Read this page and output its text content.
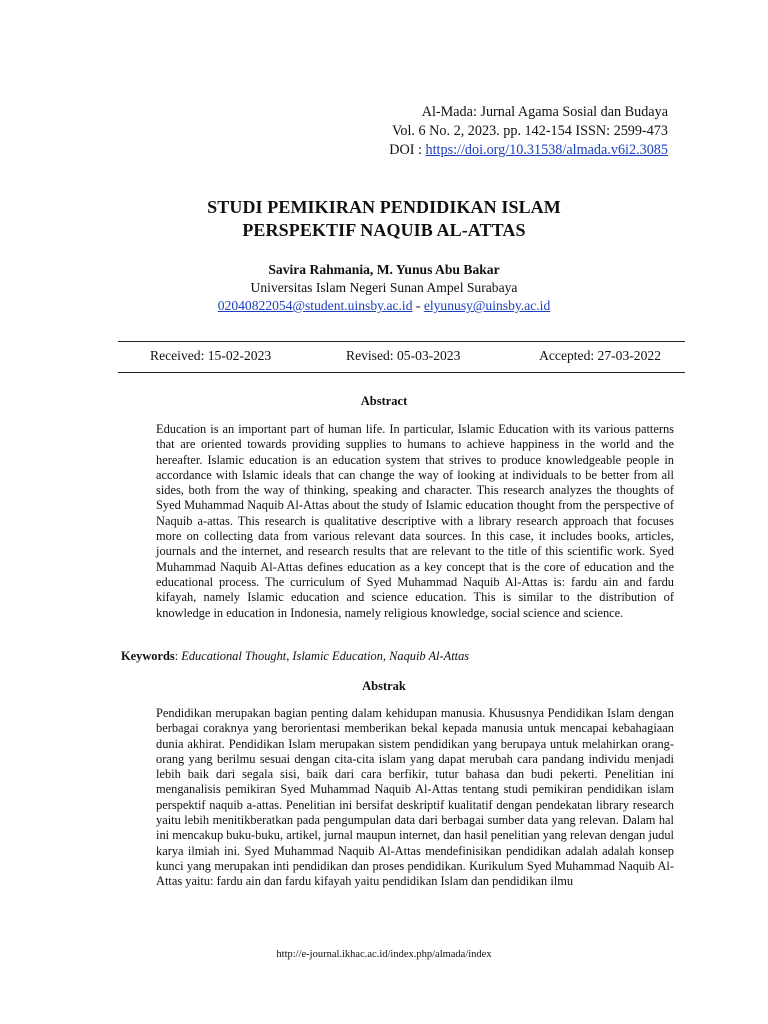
Al-Mada: Jurnal Agama Sosial dan Budaya
Vol. 6 No. 2, 2023. pp. 142-154 ISSN: 2599-473
DOI : https://doi.org/10.31538/almada.v6i2.3085
STUDI PEMIKIRAN PENDIDIKAN ISLAM
PERSPEKTIF NAQUIB AL-ATTAS
Savira Rahmania, M. Yunus Abu Bakar
Universitas Islam Negeri Sunan Ampel Surabaya
02040822054@student.uinsby.ac.id - elyunusy@uinsby.ac.id
Received: 15-02-2023	Revised: 05-03-2023	Accepted: 27-03-2022
Abstract

Education is an important part of human life. In particular, Islamic Education with its various patterns that are oriented towards providing supplies to humans to achieve happiness in the world and the hereafter. Islamic education is an education system that strives to produce knowledgeable people in accordance with Islamic ideals that can change the way of looking at individuals to be better from all sides, both from the way of thinking, speaking and character. This research analyzes the thoughts of Syed Muhammad Naquib Al-Attas about the study of Islamic education thought from the perspective of Naquib a-attas. This research is qualitative descriptive with a library research approach that focuses more on collecting data from various relevant data sources. In this case, it includes books, articles, journals and the internet, and research results that are relevant to the title of this scientific work. Syed Muhammad Naquib Al-Attas defines education as a key concept that is the core of education and the educational process. The curriculum of Syed Muhammad Naquib Al-Attas is: fardu ain and fardu kifayah, namely Islamic education and science education. This is similar to the distribution of knowledge in education in Indonesia, namely religious knowledge, social science and science.

Keywords: Educational Thought, Islamic Education, Naquib Al-Attas
Abstrak

Pendidikan merupakan bagian penting dalam kehidupan manusia. Khususnya Pendidikan Islam dengan berbagai coraknya yang berorientasi memberikan bekal kepada manusia untuk mencapai kebahagiaan dunia akhirat. Pendidikan Islam merupakan sistem pendidikan yang berupaya untuk melahirkan orang-orang yang berilmu sesuai dengan cita-cita islam yang dapat merubah cara pandang individu menjadi lebih baik dari segala sisi, baik dari cara berfikir, tutur bahasa dan budi pekerti. Penelitian ini menganalisis pemikiran Syed Muhammad Naquib Al-Attas tentang studi pemikiran pendidikan islam perspektif naquib a-attas. Penelitian ini bersifat deskriptif kualitatif dengan pendekatan library research yaitu lebih menitikberatkan pada pengumpulan data dari berbagai sumber data yang relevan. Dalam hal ini mencakup buku-buku, artikel, jurnal maupun internet, dan hasil penelitian yang relevan dengan judul karya ilmiah ini. Syed Muhammad Naquib Al-Attas mendefinisikan pendidikan adalah adalah konsep kunci yang merupakan inti pendidikan dan proses pendidikan. Kurikulum Syed Muhammad Naquib Al-Attas yaitu: fardu ain dan fardu kifayah yaitu pendidikan Islam dan pendidikan ilmu

http://e-journal.ikhac.ac.id/index.php/almada/index
